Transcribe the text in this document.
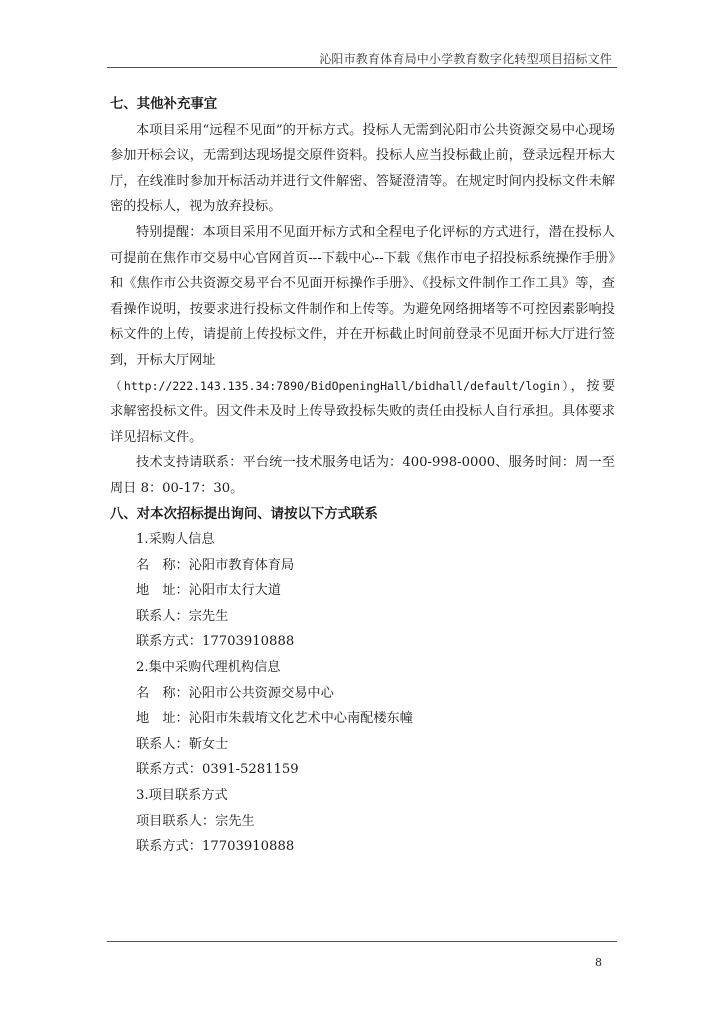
沁阳市教育体育局中小学教育数字化转型项目招标文件

七、其他补充事宜

本项目采用“远程不见面”的开标方式。投标人无需到沁阳市公共资源交易中心现场参加开标会议，无需到达现场提交原件资料。投标人应当投标截止前，登录远程开标大厅，在线准时参加开标活动并进行文件解密、答疑澄清等。在规定时间内投标文件未解密的投标人，视为放弃投标。

特别提醒：本项目采用不见面开标方式和全程电子化评标的方式进行，潜在投标人可提前在焦作市交易中心官网首页---下载中心--下载《焦作市电子招投标系统操作手册》和《焦作市公共资源交易平台不见面开标操作手册》、《投标文件制作工作工具》等，查看操作说明，按要求进行投标文件制作和上传等。为避免网络拥堵等不可控因素影响投标文件的上传，请提前上传投标文件，并在开标截止时间前登录不见面开标大厅进行签到，开标大厅网址
（http://222.143.135.34:7890/BidOpeningHall/bidhall/default/login），按要求解密投标文件。因文件未及时上传导致投标失败的责任由投标人自行承担。具体要求详见招标文件。

技术支持请联系：平台统一技术服务电话为：400-998-0000、服务时间：周一至周日 8：00-17：30。

八、对本次招标提出询问、请按以下方式联系

1.采购人信息

名　称：沁阳市教育体育局

地　址：沁阳市太行大道

联系人：宗先生

联系方式：17703910888

2.集中采购代理机构信息

名　称：沁阳市公共资源交易中心

地　址：沁阳市朱载堉文化艺术中心南配楼东幢

联系人：靳女士

联系方式：0391-5281159

3.项目联系方式

项目联系人：宗先生

联系方式：17703910888

8
